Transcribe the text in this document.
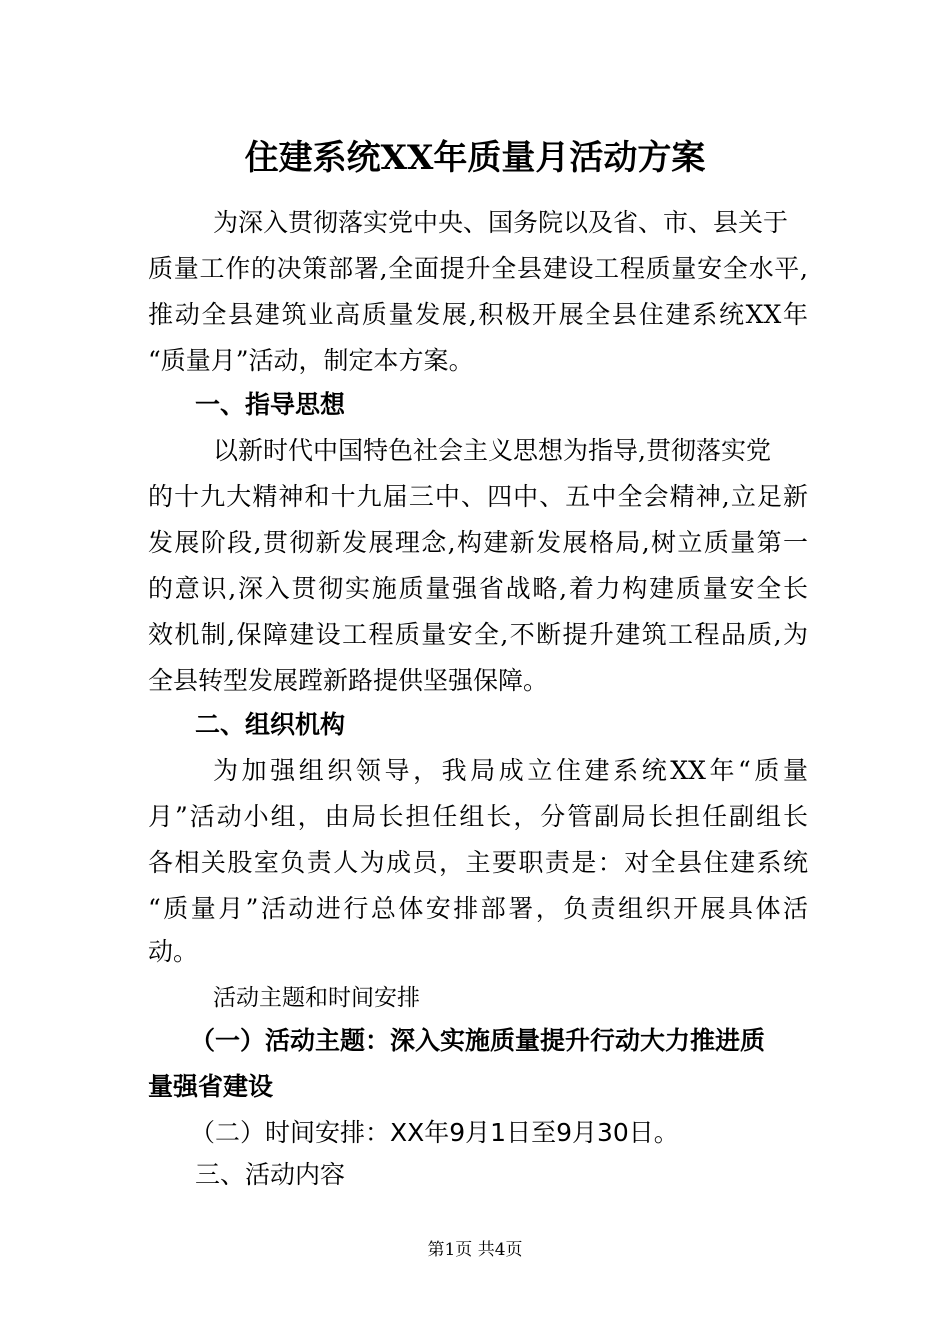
住建系统XX年质量月活动方案
为深入贯彻落实党中央、国务院以及省、市、县关于
质量工作的决策部署,全面提升全县建设工程质量安全水平,
推动全县建筑业高质量发展,积极开展全县住建系统XX年
“质量月”活动，制定本方案。
一、指导思想
以新时代中国特色社会主义思想为指导,贯彻落实党
的十九大精神和十九届三中、四中、五中全会精神,立足新
发展阶段,贯彻新发展理念,构建新发展格局,树立质量第一
的意识,深入贯彻实施质量强省战略,着力构建质量安全长
效机制,保障建设工程质量安全,不断提升建筑工程品质,为
全县转型发展蹚新路提供坚强保障。
二、组织机构
为加强组织领导，我局成立住建系统XX年“质量
月”活动小组，由局长担任组长，分管副局长担任副组长
各相关股室负责人为成员，主要职责是：对全县住建系统
“质量月”活动进行总体安排部署，负责组织开展具体活
动。
活动主题和时间安排
（一）活动主题：深入实施质量提升行动大力推进质
量强省建设
（二）时间安排：XX年9月1日至9月30日。
三、活动内容
第1页 共4页
